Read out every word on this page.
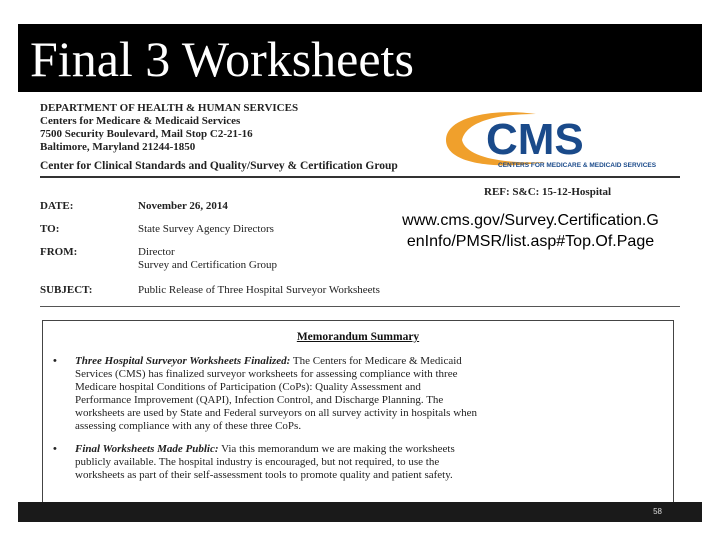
Final 3 Worksheets
DEPARTMENT OF HEALTH & HUMAN SERVICES
Centers for Medicare & Medicaid Services
7500 Security Boulevard, Mail Stop C2-21-16
Baltimore, Maryland 21244-1850	CMS
CENTERS FOR MEDICARE & MEDICAID SERVICES
Center for Clinical Standards and Quality/Survey & Certification Group
REF: S&C: 15-12-Hospital
DATE:	November 26, 2014
TO:	State Survey Agency Directors
FROM:	Director
Survey and Certification Group
SUBJECT:	Public Release of Three Hospital Surveyor Worksheets
Memorandum Summary
• Three Hospital Surveyor Worksheets Finalized: The Centers for Medicare & Medicaid
Services (CMS) has finalized surveyor worksheets for assessing compliance with three
Medicare hospital Conditions of Participation (CoPs): Quality Assessment and
Performance Improvement (QAPI), Infection Control, and Discharge Planning. The
worksheets are used by State and Federal surveyors on all survey activity in hospitals when
assessing compliance with any of these three CoPs.
• Final Worksheets Made Public: Via this memorandum we are making the worksheets
publicly available. The hospital industry is encouraged, but not required, to use the
worksheets as part of their self-assessment tools to promote quality and patient safety.
www.cms.gov/Survey.Certification.G
enInfo/PMSR/list.asp#Top.Of.Page
58
